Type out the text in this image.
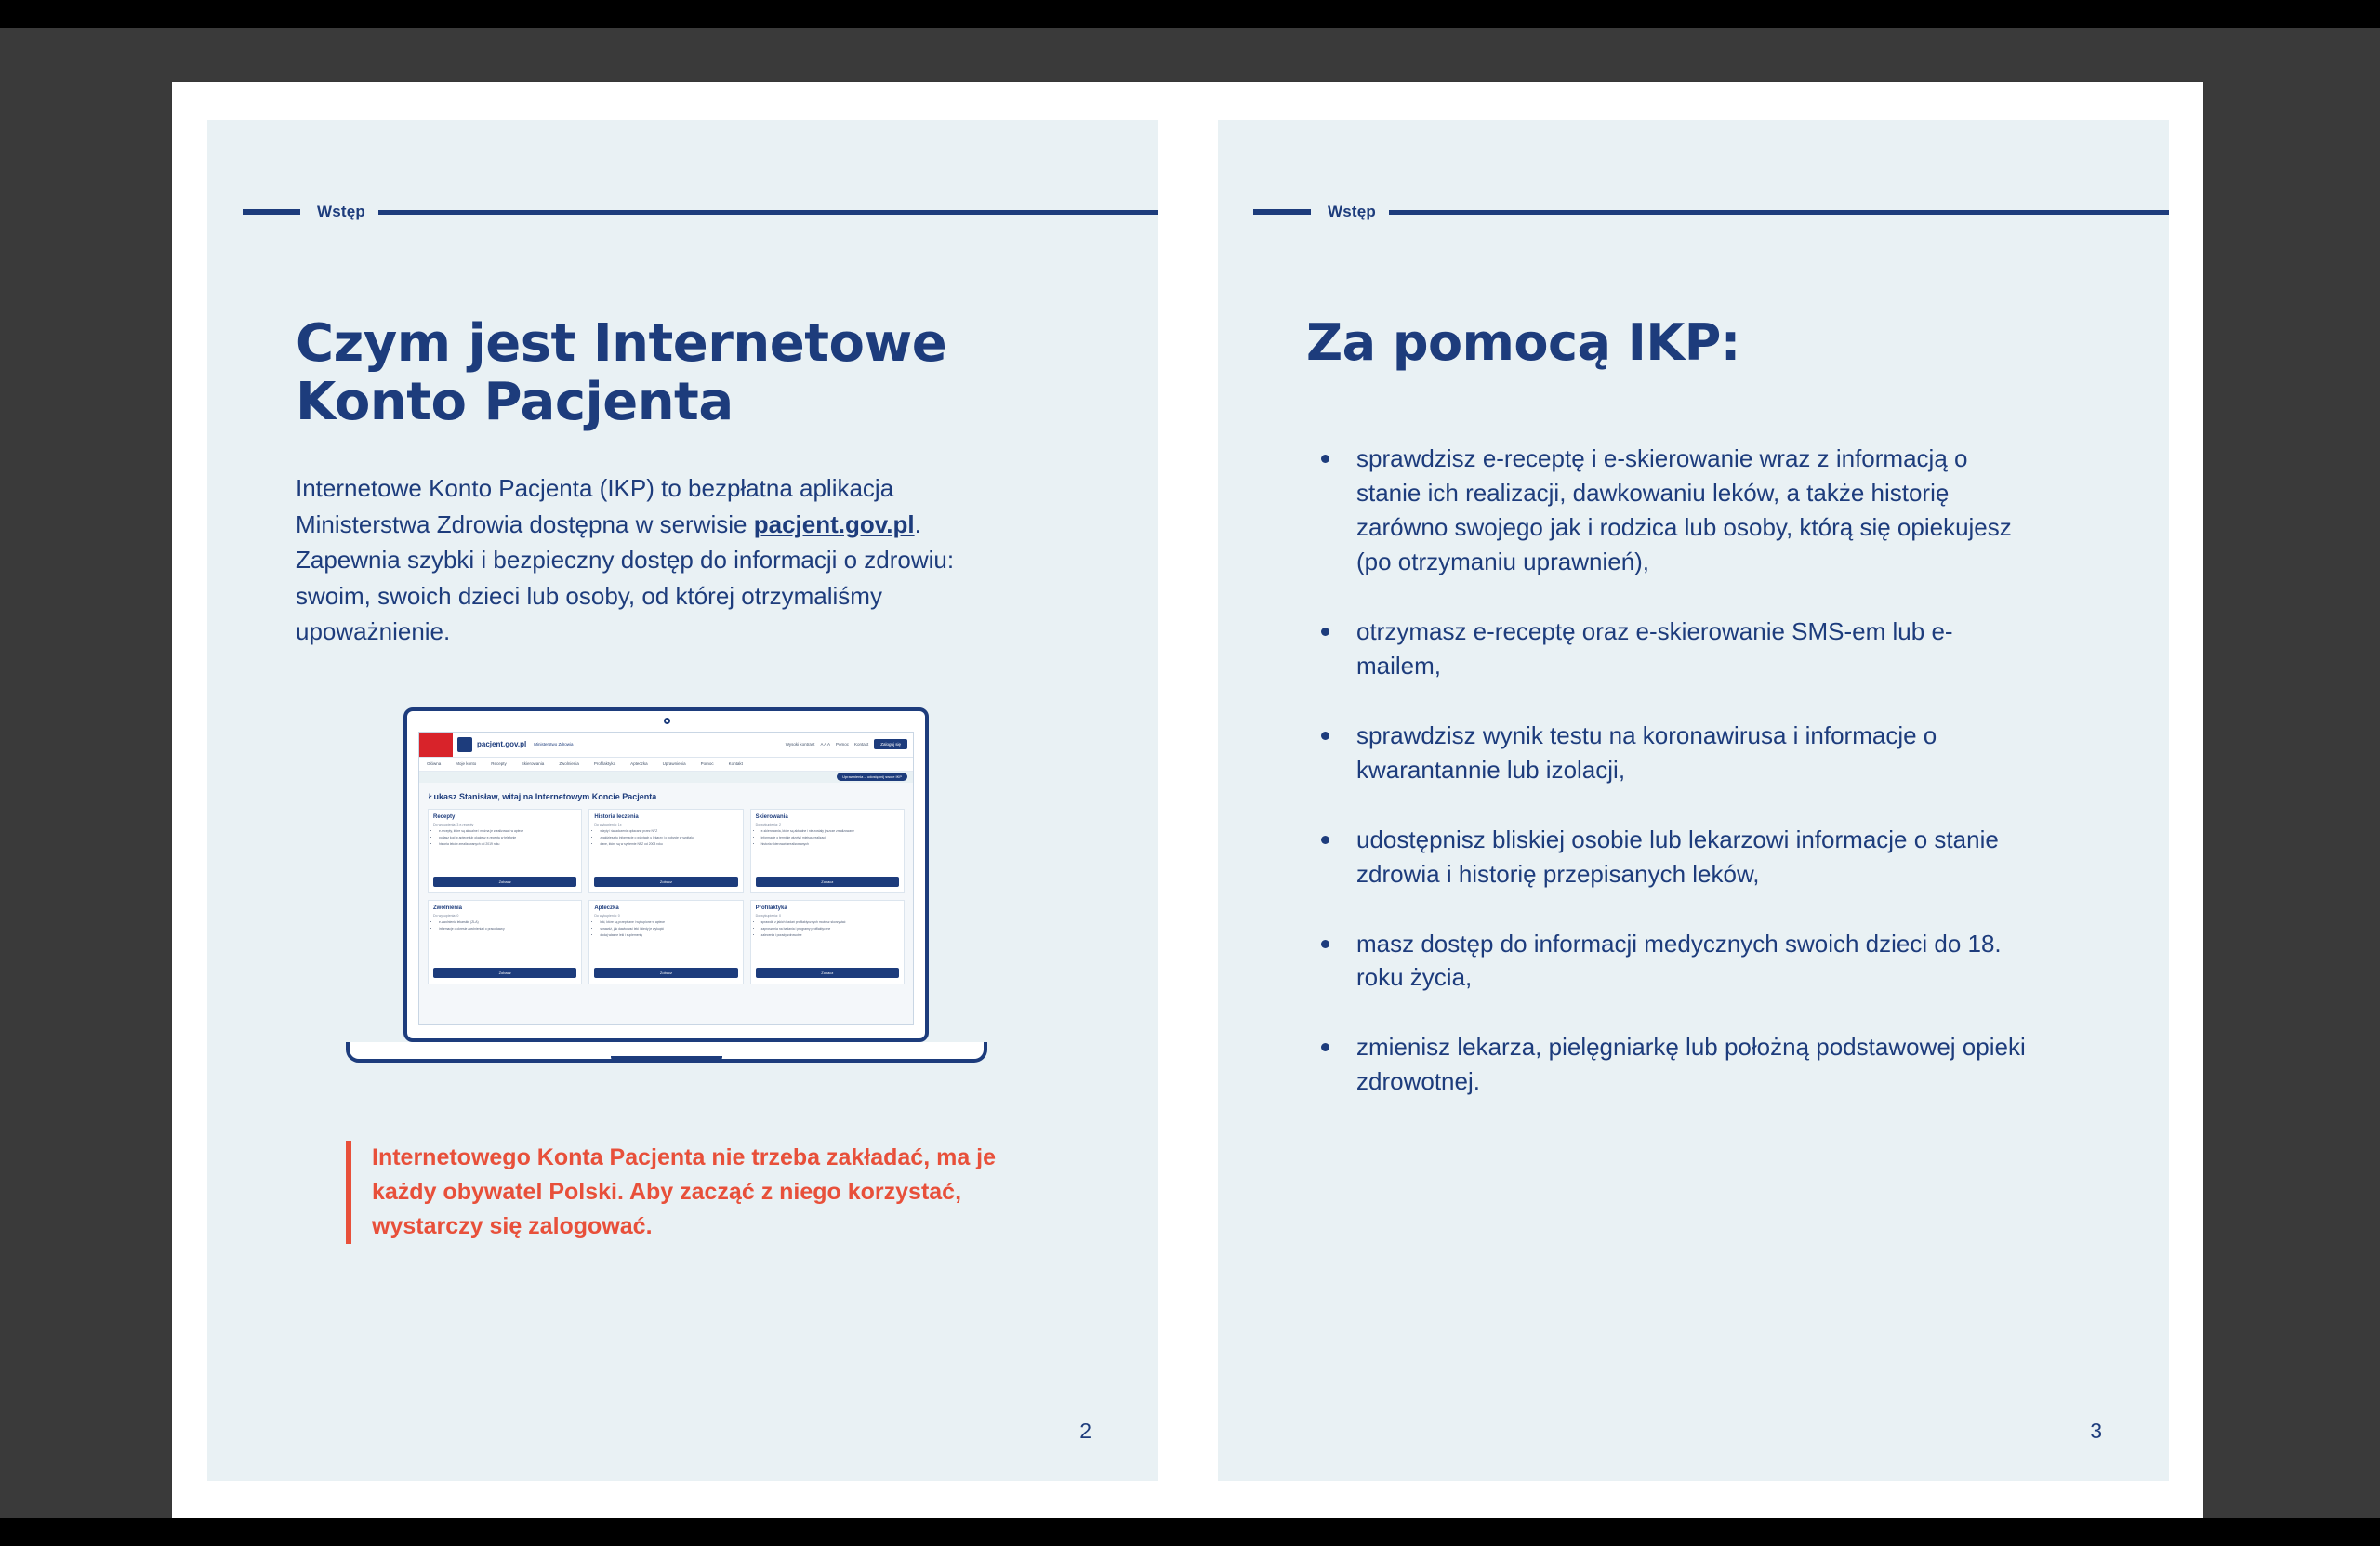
Wstęp
Czym jest Internetowe Konto Pacjenta

Internetowe Konto Pacjenta (IKP) to bezpłatna aplikacja Ministerstwa Zdrowia dostępna w serwisie pacjent.gov.pl. Zapewnia szybki i bezpieczny dostęp do informacji o zdrowiu: swoim, swoich dzieci lub osoby, od której otrzymaliśmy upoważnienie.

pacjent.gov.pl Ministerstwo Zdrowia	Wysoki kontrast A A A Pomoc Kontakt	Zaloguj się
Główna	Moje konto	Recepty	Skierowania	Zwolnienia	Profilaktyka	Apteczka	Uprawnienia	Pomoc	Kontakt
Uprawnienia – udostępnij swoje IKP
Łukasz Stanisław, witaj na Internetowym Koncie Pacjenta
Recepty
Do wykupienia: 3 e-recepty
• e-recepty, które są aktualne i można je zrealizować w aptece
• podasz kod w aptece lub okażesz e-receptę w telefonie
• historia leków zrealizowanych od 2019 roku
Zobacz
Historia leczenia
Do wykupienia: 1x
• wizyty i świadczenia opłacane przez NFZ
• znajdziesz tu informacje o wizytach u lekarzy i o pobycie w szpitalu
• dane, które są w systemie NFZ od 2008 roku
Zobacz
Skierowania
Do wykupienia: 2
• e-skierowania, które są aktualne i nie zostały jeszcze zrealizowane
• informacje o terminie wizyty i miejscu realizacji
• historia skierowań zrealizowanych
Zobacz
Zwolnienia
Do wykupienia: 0
• e-zwolnienia lekarskie (ZLA)
• informacje o okresie zwolnienia i o pracodawcy
Zobacz
Apteczka
Do wykupienia: 0
• leki, które są przepisane i wykupione w aptece
• sprawdź, jak dawkować leki i kiedy je wykupić
• dodaj własne leki i suplementy
Zobacz
Profilaktyka
Do wykupienia: 0
• sprawdź, z jakich badań profilaktycznych możesz skorzystać
• zaproszenia na badania i programy profilaktyczne
• zalecenia i porady zdrowotne
Zobacz

Internetowego Konta Pacjenta nie trzeba zakładać, ma je każdy obywatel Polski. Aby zacząć z niego korzystać, wystarczy się zalogować.

2
Wstęp
Za pomocą IKP:
sprawdzisz e-receptę i e-skierowanie wraz z informacją o stanie ich realizacji, dawkowaniu leków, a także historię zarówno swojego jak i rodzica lub osoby, którą się opiekujesz (po otrzymaniu uprawnień),
otrzymasz e-receptę oraz e-skierowanie SMS-em lub e-mailem,
sprawdzisz wynik testu na koronawirusa i informacje o kwarantannie lub izolacji,
udostępnisz bliskiej osobie lub lekarzowi informacje o stanie zdrowia i historię przepisanych leków,
masz dostęp do informacji medycznych swoich dzieci do 18. roku życia,
zmienisz lekarza, pielęgniarkę lub położną podstawowej opieki zdrowotnej.
3
